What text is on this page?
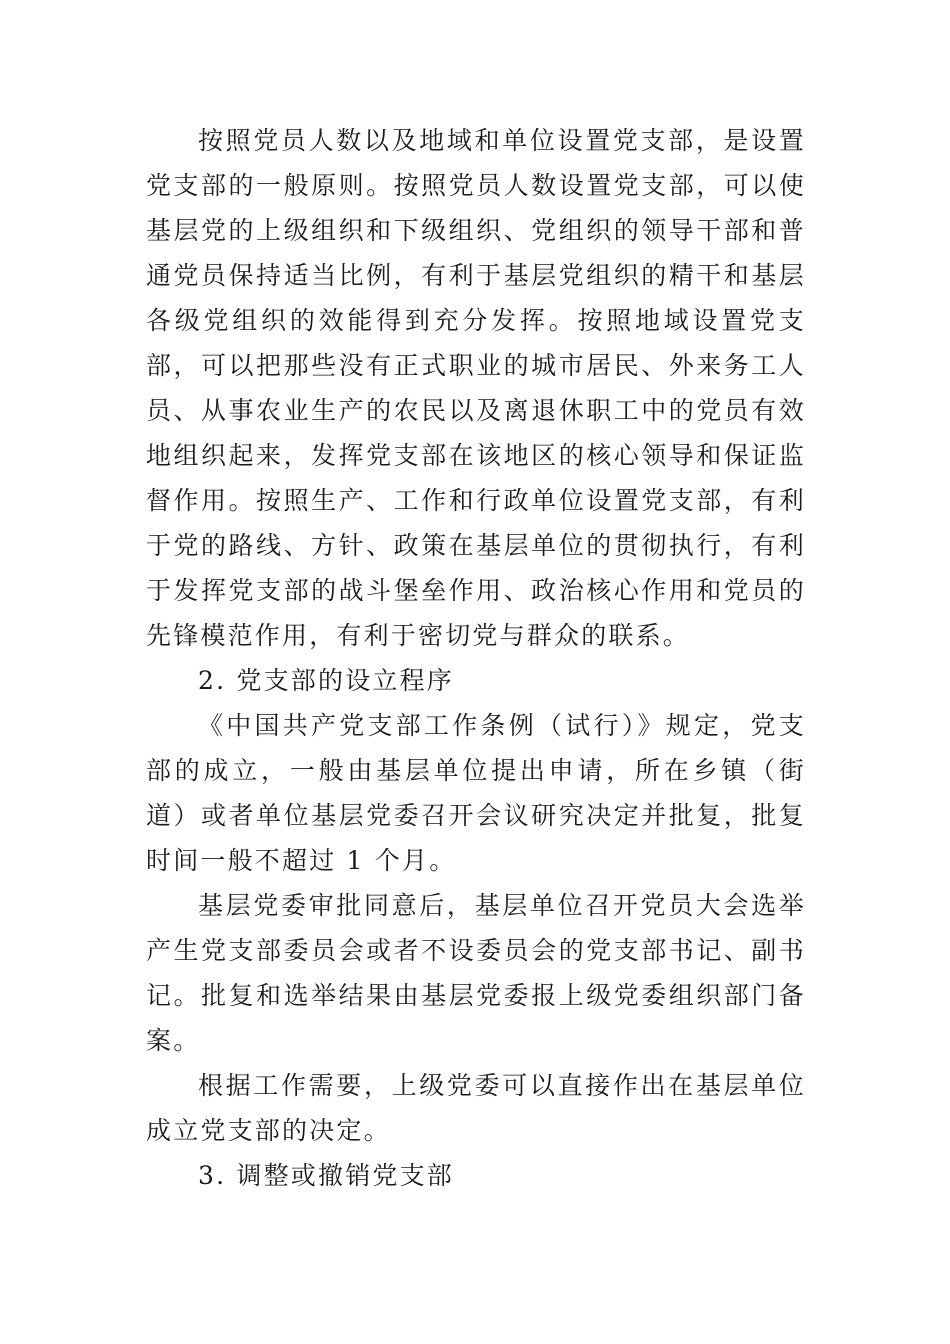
按照党员人数以及地域和单位设置党支部，是设置党支部的一般原则。按照党员人数设置党支部，可以使基层党的上级组织和下级组织、党组织的领导干部和普通党员保持适当比例，有利于基层党组织的精干和基层各级党组织的效能得到充分发挥。按照地域设置党支部，可以把那些没有正式职业的城市居民、外来务工人员、从事农业生产的农民以及离退休职工中的党员有效地组织起来，发挥党支部在该地区的核心领导和保证监督作用。按照生产、工作和行政单位设置党支部，有利于党的路线、方针、政策在基层单位的贯彻执行，有利于发挥党支部的战斗堡垒作用、政治核心作用和党员的先锋模范作用，有利于密切党与群众的联系。

2. 党支部的设立程序

《中国共产党支部工作条例（试行）》规定，党支部的成立，一般由基层单位提出申请，所在乡镇（街道）或者单位基层党委召开会议研究决定并批复，批复时间一般不超过 1 个月。

基层党委审批同意后，基层单位召开党员大会选举产生党支部委员会或者不设委员会的党支部书记、副书记。批复和选举结果由基层党委报上级党委组织部门备案。

根据工作需要，上级党委可以直接作出在基层单位成立党支部的决定。

3. 调整或撤销党支部
